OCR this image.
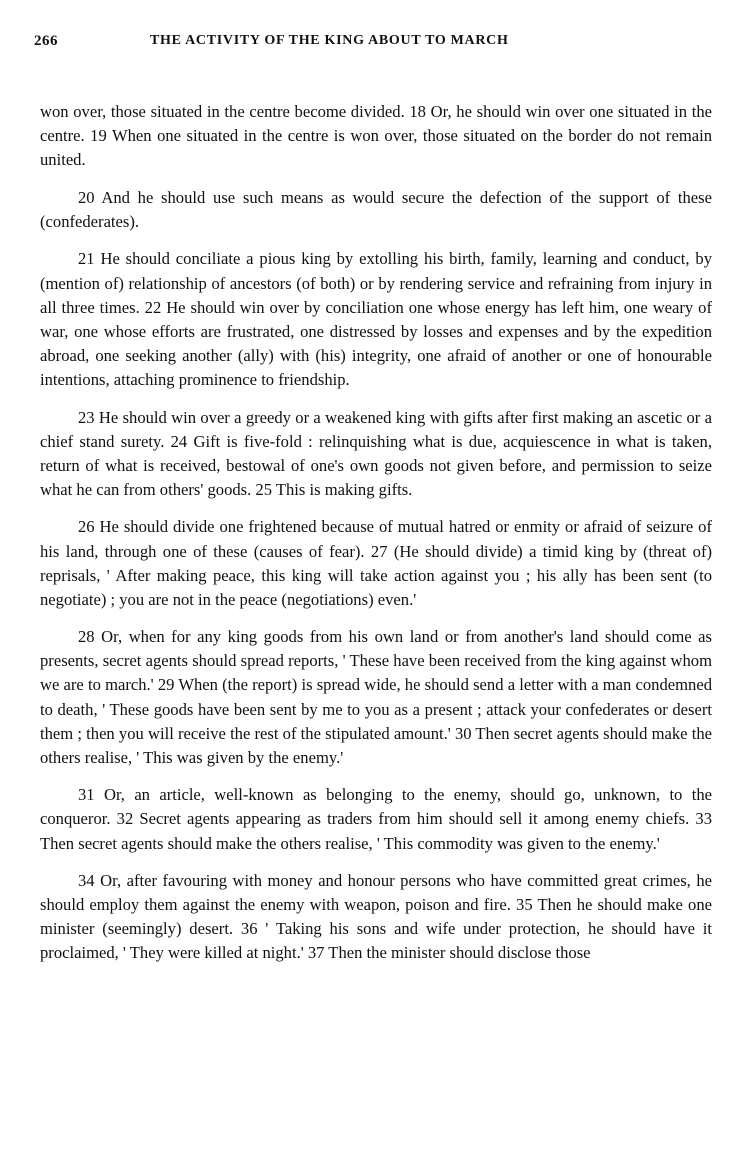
266	THE ACTIVITY OF THE KING ABOUT TO MARCH

won over, those situated in the centre become divided. 18 Or, he should win over one situated in the centre. 19 When one situated in the centre is won over, those situated on the border do not remain united.

20 And he should use such means as would secure the defection of the support of these (confederates).

21 He should conciliate a pious king by extolling his birth, family, learning and conduct, by (mention of) relationship of ancestors (of both) or by rendering service and refraining from injury in all three times. 22 He should win over by conciliation one whose energy has left him, one weary of war, one whose efforts are frustrated, one distressed by losses and expenses and by the expedition abroad, one seeking another (ally) with (his) integrity, one afraid of another or one of honourable intentions, attaching prominence to friendship.

23 He should win over a greedy or a weakened king with gifts after first making an ascetic or a chief stand surety. 24 Gift is five-fold : relinquishing what is due, acquiescence in what is taken, return of what is received, bestowal of one's own goods not given before, and permission to seize what he can from others' goods. 25 This is making gifts.

26 He should divide one frightened because of mutual hatred or enmity or afraid of seizure of his land, through one of these (causes of fear). 27 (He should divide) a timid king by (threat of) reprisals, ' After making peace, this king will take action against you ; his ally has been sent (to negotiate) ; you are not in the peace (negotiations) even.'

28 Or, when for any king goods from his own land or from another's land should come as presents, secret agents should spread reports, ' These have been received from the king against whom we are to march.' 29 When (the report) is spread wide, he should send a letter with a man condemned to death, ' These goods have been sent by me to you as a present ; attack your confederates or desert them ; then you will receive the rest of the stipulated amount.' 30 Then secret agents should make the others realise, ' This was given by the enemy.'

31 Or, an article, well-known as belonging to the enemy, should go, unknown, to the conqueror. 32 Secret agents appearing as traders from him should sell it among enemy chiefs. 33 Then secret agents should make the others realise, ' This commodity was given to the enemy.'

34 Or, after favouring with money and honour persons who have committed great crimes, he should employ them against the enemy with weapon, poison and fire. 35 Then he should make one minister (seemingly) desert. 36 ' Taking his sons and wife under protection, he should have it proclaimed, ' They were killed at night.' 37 Then the minister should disclose those
